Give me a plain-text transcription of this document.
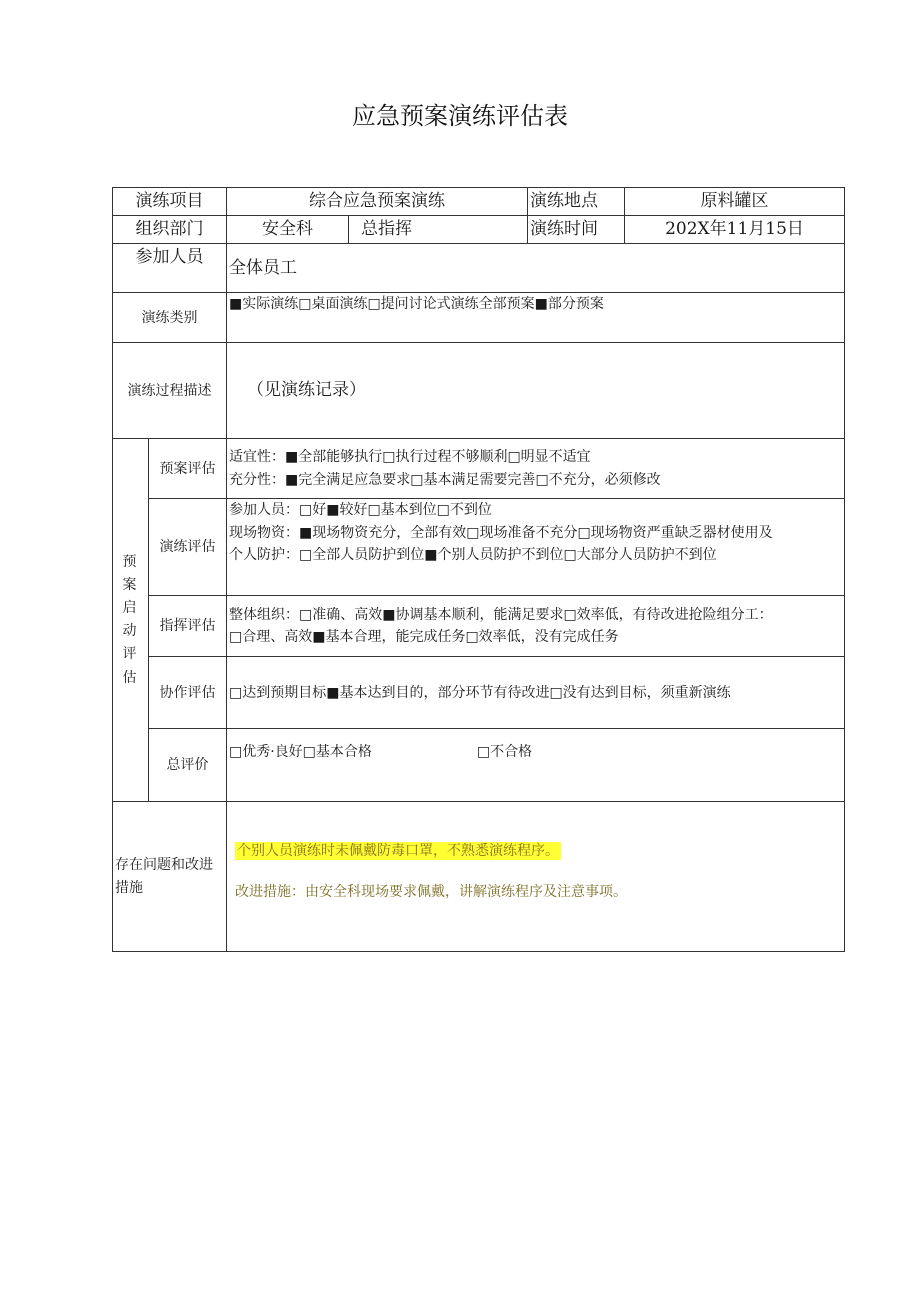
应急预案演练评估表
演练项目		综合应急预案演练		演练地点	原料罐区
组织部门		安全科	总指挥	演练时间	202X年11月15日
参加人员		全体员工			
演练类别		■实际演练□桌面演练□提问讨论式演练全部预案■部分预案			
演练过程描述		（见演练记录）			
预案启动评估	预案评估	适宜性：■全部能够执行□执行过程不够顺利□明显不适宜
充分性：■完全满足应急要求□基本满足需要完善□不充分，必须修改			

	演练评估	参加人员：□好■较好□基本到位□不到位
现场物资：■现场物资充分，全部有效□现场准备不充分□现场物资严重缺乏器材使用及
个人防护：□全部人员防护到位■个别人员防护不到位□大部分人员防护不到位			

	指挥评估	整体组织：□准确、高效■协调基本顺利，能满足要求□效率低，有待改进抢险组分工：
□合理、高效■基本合理，能完成任务□效率低，没有完成任务			

	协作评估	□达到预期目标■基本达到目的，部分环节有待改进□没有达到目标，须重新演练			
	总评价	□优秀·良好□基本合格 □不合格			
存在问题和改进措施		个别人员演练时未佩戴防毒口罩，不熟悉演练程序。
改进措施：由安全科现场要求佩戴，讲解演练程序及注意事项。			
